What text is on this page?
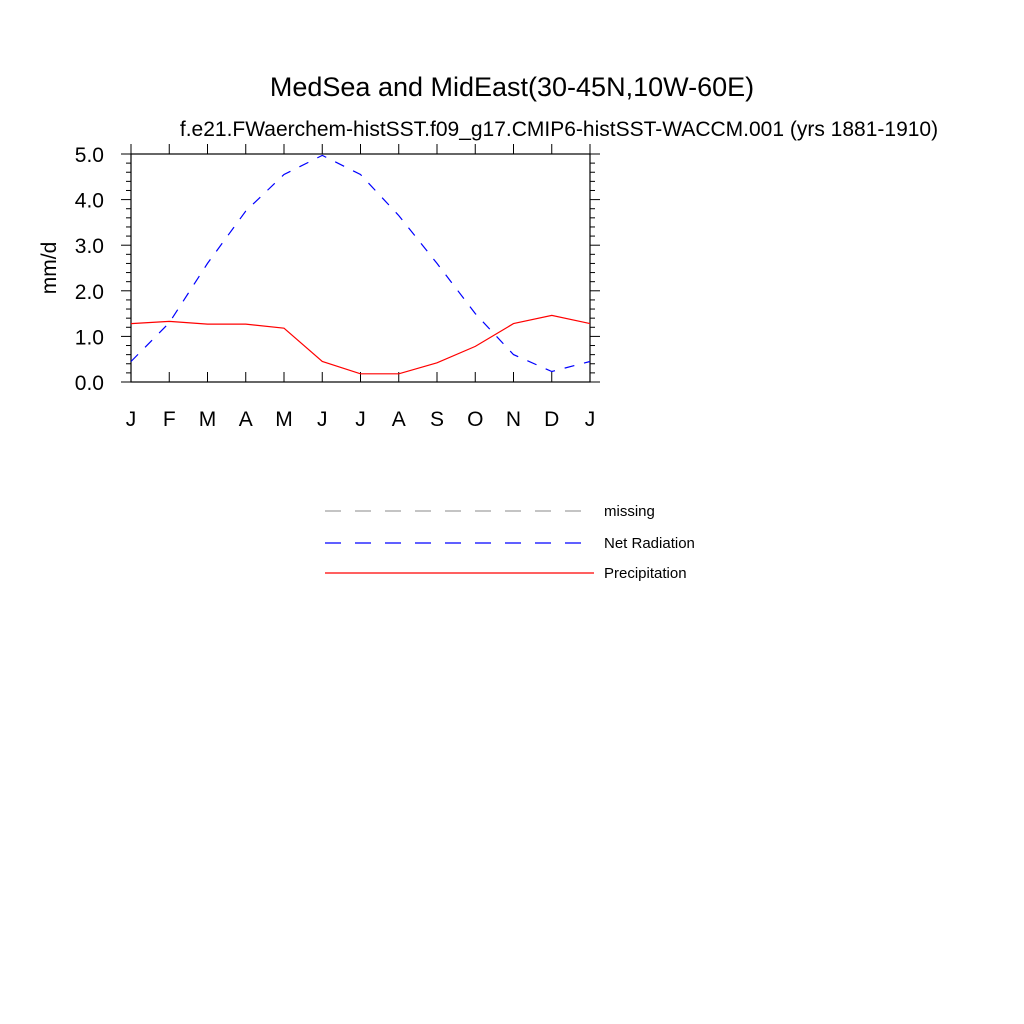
MedSea and MidEast(30-45N,10W-60E)
f.e21.FWaerchem-histSST.f09_g17.CMIP6-histSST-WACCM.001 (yrs 1881-1910)
mm/d
J F M A M J J A S O N D J
0.0
1.0
2.0
3.0
4.0
5.0
missing
Net Radiation
Precipitation
